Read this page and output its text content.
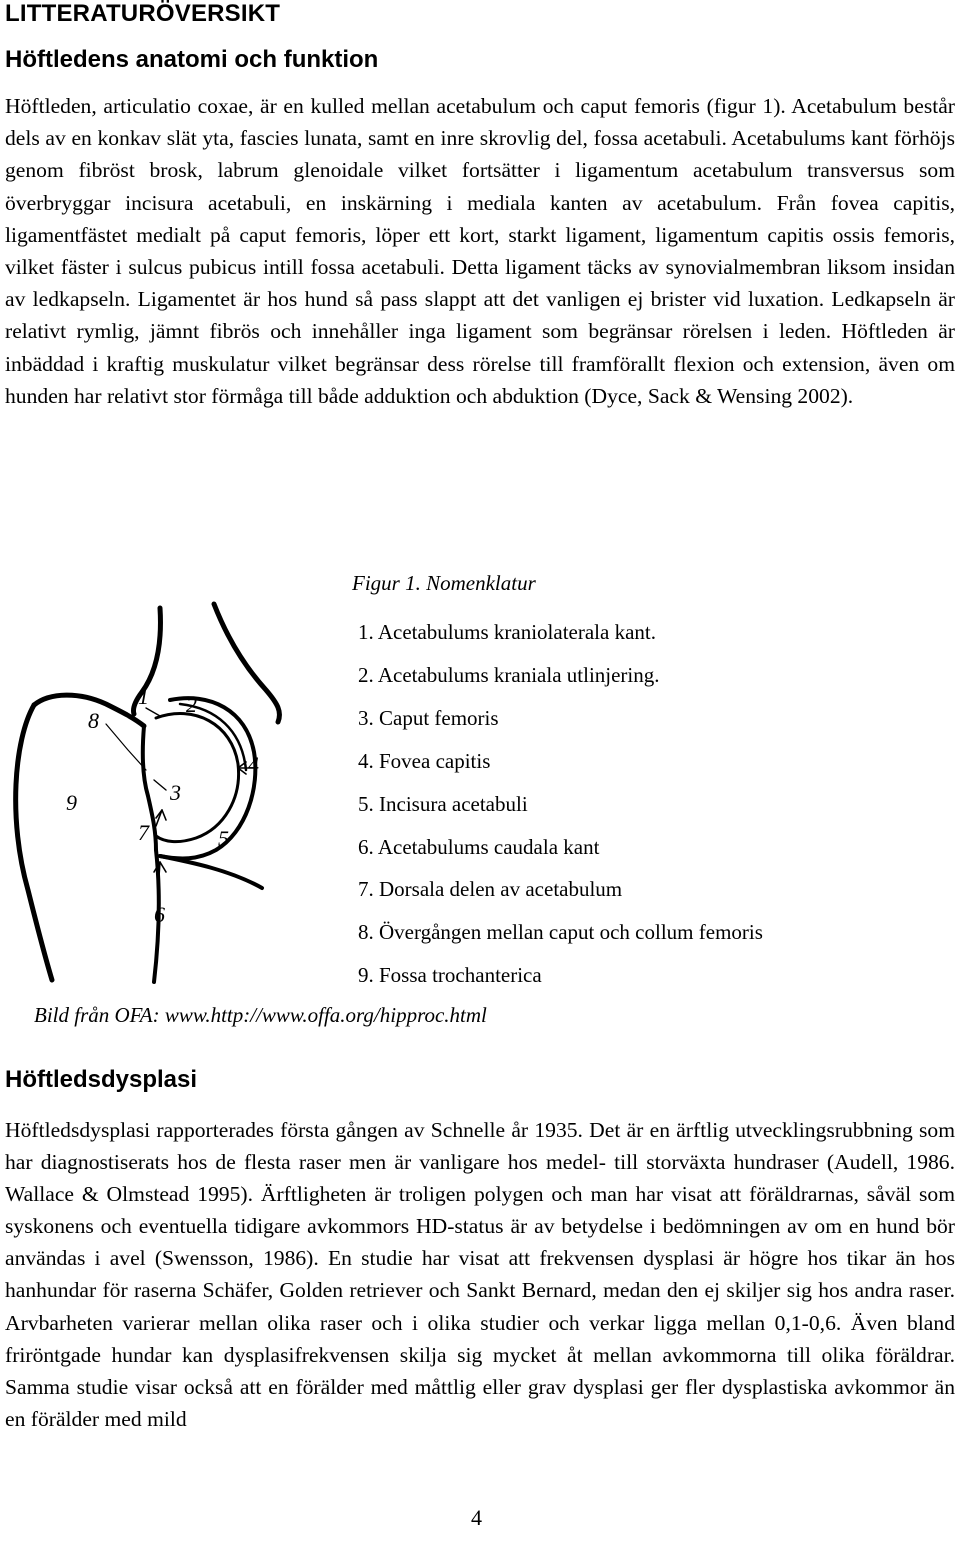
LITTERATURÖVERSIKT
Höftledens anatomi och funktion

Höftleden, articulatio coxae, är en kulled mellan acetabulum och caput femoris (figur 1). Acetabulum består dels av en konkav slät yta, fascies lunata, samt en inre skrovlig del, fossa acetabuli. Acetabulums kant förhöjs genom fibröst brosk, labrum glenoidale vilket fortsätter i ligamentum acetabulum transversus som överbryggar incisura acetabuli, en inskärning i mediala kanten av acetabulum. Från fovea capitis, ligamentfästet medialt på caput femoris, löper ett kort, starkt ligament, ligamentum capitis ossis femoris, vilket fäster i sulcus pubicus intill fossa acetabuli. Detta ligament täcks av synovialmembran liksom insidan av ledkapseln. Ligamentet är hos hund så pass slappt att det vanligen ej brister vid luxation. Ledkapseln är relativt rymlig, jämnt fibrös och innehåller inga ligament som begränsar rörelsen i leden. Höftleden är inbäddad i kraftig muskulatur vilket begränsar dess rörelse till framförallt flexion och extension, även om hunden har relativt stor förmåga till både adduktion och abduktion (Dyce, Sack & Wensing 2002).

Figur 1. Nomenklatur
1 2
3
4
5
6
7
8
9
1. Acetabulums kraniolaterala kant.
2. Acetabulums kraniala utlinjering.
3. Caput femoris
4. Fovea capitis
5. Incisura acetabuli
6. Acetabulums caudala kant
7. Dorsala delen av acetabulum
8. Övergången mellan caput och collum femoris
9. Fossa trochanterica
Bild från OFA: www.http://www.offa.org/hipproc.html
Höftledsdysplasi

Höftledsdysplasi rapporterades första gången av Schnelle år 1935. Det är en ärftlig utvecklingsrubbning som har diagnostiserats hos de flesta raser men är vanligare hos medel- till storväxta hundraser (Audell, 1986. Wallace & Olmstead 1995). Ärftligheten är troligen polygen och man har visat att föräldrarnas, såväl som syskonens och eventuella tidigare avkommors HD-status är av betydelse i bedömningen av om en hund bör användas i avel (Swensson, 1986). En studie har visat att frekvensen dysplasi är högre hos tikar än hos hanhundar för raserna Schäfer, Golden retriever och Sankt Bernard, medan den ej skiljer sig hos andra raser. Arvbarheten varierar mellan olika raser och i olika studier och verkar ligga mellan 0,1-0,6. Även bland friröntgade hundar kan dysplasifrekvensen skilja sig mycket åt mellan avkommorna till olika föräldrar. Samma studie visar också att en förälder med måttlig eller grav dysplasi ger fler dysplastiska avkommor än en förälder med mild

4
